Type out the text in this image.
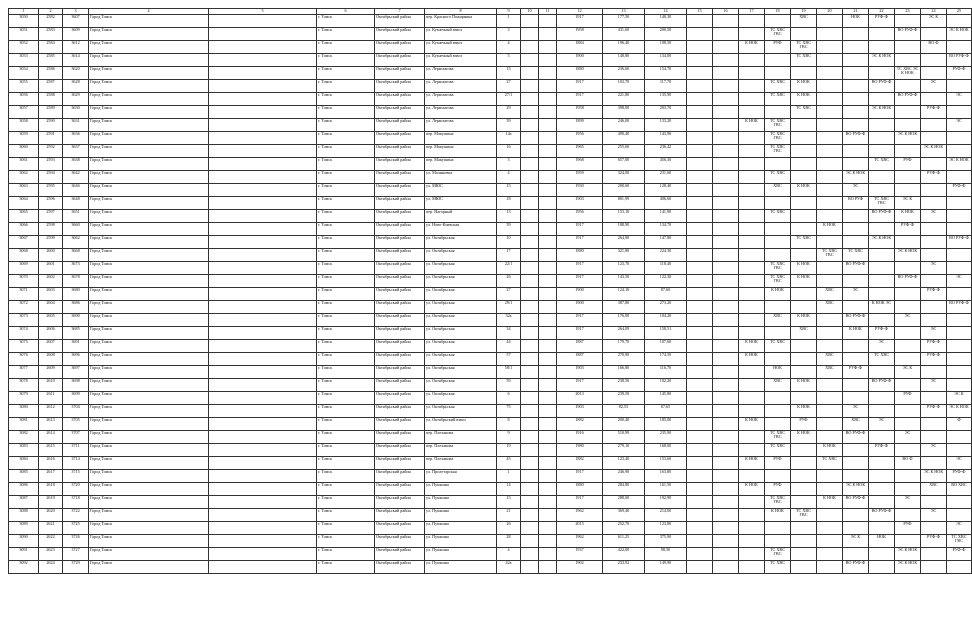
1	2	3	4	5	6	7	8	9	10	11	12	13	14	15	16	17	18	19	20	21	22	23	24	25
3050	2582	3607	Город Томск		г. Томск	Октябрьский район	пер. Красного Пожарника	1			1917	177,50	140,30					ХВС		НОК	РУФ-Ф		ЭС К	
3051	2583	3609	Город Томск		г. Томск	Октябрьский район	ул. Кузнечный взвоз	3			1958	431,60	200,50				ТС ХВС ГВС					ВО РУФ-Ф		ЭС К НОК
3052	2584	3612	Город Томск		г. Томск	Октябрьский район	ул. Кузнечный взвоз	4			1884	196,40	108,50			К НОК	РУФ	ТС ХВС ГВС					ВО Ф	
3053	2585	3614	Город Томск		г. Томск	Октябрьский район	ул. Кузнечный взвоз	5			1900	148,80	134,00					ТС ХВС			ЭС К НОК			ВО РУФ-Ф
3054	2586	3620	Город Томск		г. Томск	Октябрьский район	ул. Лермонтова	15			1880	236,60	154,70									ТС ХВС ЭС К НОК		РУФ-Ф
3055	2587	3628	Город Томск		г. Томск	Октябрьский район	ул. Лермонтова	27			1917	103,70	117,70				ТС ХВС	К НОК			ВО РУФ-Ф		ЭС	
3056	2588	3629	Город Томск		г. Томск	Октябрьский район	ул. Лермонтова	27/1			1917	221,80	135,90				ТС ХВС	К НОК				ВО РУФ-Ф		ЭС
3057	2589	3630	Город Томск		г. Томск	Октябрьский район	ул. Лермонтова	29			1958	398,00	203,70					ТС ХВС			ЭС К НОК		РУФ-Ф	
3058	2590	3631	Город Томск		г. Томск	Октябрьский район	ул. Лермонтова	39			1899	246,00	133,20			К НОК	ТС ХВС ГВС							ЭС
3059	2591	3636	Город Томск		г. Томск	Октябрьский район	пер. Макушина	14а			1956	490,40	143,90				ТС ХВС ГВС			ВО РУФ-Ф		ЭС К НОК		
3060	2592	3637	Город Томск		г. Томск	Октябрьский район	пер. Макушина	16			1965	255,60	236,42				ТС ХВС ГВС						ЭС К НОК	
3061	2593	3638	Город Томск		г. Томск	Октябрьский район	пер. Макушина	3			1968	657,00	456,30								ТС ХВС	РУФ		ЭС К НОК
3062	2594	3642	Город Томск		г. Томск	Октябрьский район	ул. Малиновка	4			1959	324,00	231,60				ТС ХВС			ЭС К НОК			РУФ-Ф	
3063	2595	3646	Город Томск		г. Томск	Октябрьский район	ул. МЮС	15			1930	200,60	128,40				ХВС	К НОК		ЭС				РУФ-Ф
3064	2596	3648	Город Томск		г. Томск	Октябрьский район	ул. МЮС	18			1903	801,99	406,60							ВО РУФ	ТС ХВС ГВС	ЭС К		
3065	2597	3651	Город Томск		г. Томск	Октябрьский район	пер. Нагорный	13			1956	153,10	141,90				ТС ХВС				ВО РУФ-Ф	К НОК	ЭС	
3066	2598	3660	Город Томск		г. Томск	Октябрьский район	ул. Ново-Киевская	39			1917	188,90	134,70						К НОК			РУФ-Ф		
3067	2599	3662	Город Томск		г. Томск	Октябрьский район	ул. Октябрьская	10			1917	264,90	147,80					ТС ХВС			ЭС К НОК			ВО РУФ-Ф
3068	2600	3668	Город Томск		г. Томск	Октябрьский район	ул. Октябрьская	17			1880	321,80	224,30						ТС ХВС ГВС	ТС ХВС		ЭС К НОК		
3069	2601	3673	Город Томск		г. Томск	Октябрьский район	ул. Октябрьская	22/1			1917	123,70	118,40				ТС ХВС ГВС	К НОК		ВО РУФ-Ф			ЭС	
3070	2602	3678	Город Томск		г. Томск	Октябрьский район	ул. Октябрьская	26			1917	143,50	122,30				ТС ХВС ГВС	К НОК				ВО РУФ-Ф		ЭС
3071	2603	3680	Город Томск		г. Томск	Октябрьский район	ул. Октябрьская	27			1900	124,10	87,60				К НОК		ХВС	ЭС			РУФ-Ф	
3072	2604	3686	Город Томск		г. Томск	Октябрьский район	ул. Октябрьская	29/1			1900	387,80	273,20						ХВС		К НОК ЭС			ВО РУФ-Ф
3073	2605	3690	Город Томск		г. Томск	Октябрьский район	ул. Октябрьская	32а			1917	176,00	104,20				ХВС	К НОК		ВО РУФ-Ф		ЭС		
3074	2606	3685	Город Томск		г. Томск	Октябрьский район	ул. Октябрьская	34			1917	264,09	158,51					ХВС		К НОК	РУФ-Ф		ЭС	
3075	2607	3691	Город Томск		г. Томск	Октябрьский район	ул. Октябрьская	44			1887	179,70	107,60			К НОК	ТС ХВС				ЭС		РУФ-Ф	
3076	2608	3696	Город Томск		г. Томск	Октябрьский район	ул. Октябрьская	57			1887	270,90	174,50			К НОК			ХВС		ТС ХВС		РУФ-Ф	
3077	2609	3697	Город Томск		г. Томск	Октябрьский район	ул. Октябрьская	58/1			1903	166,80	116,70				НОК		ХВС	РУФ-Ф		ЭС К		
3078	2610	3698	Город Томск		г. Томск	Октябрьский район	ул. Октябрьская	59			1917	238,56	102,20				ХВС	К НОК			ВО РУФ-Ф		ЭС	
3079	2611	3699	Город Томск		г. Томск	Октябрьский район	ул. Октябрьская	6			2013	239,50	145,80									РУФ		ЭС К
3080	2612	3704	Город Томск		г. Томск	Октябрьский район	ул. Октябрьская	75			1903	82,55	67,65					К НОК		ЭС			РУФ-Ф	ЭС К НОК
3081	2613	3705	Город Томск		г. Томск	Октябрьский район	ул. Октябрьский взвоз	8			1882	200,40	185,00			К НОК		РУФ		ХВС	ЭС			Ф
3082	2614	3707	Город Томск		г. Томск	Октябрьский район	пер. Плеханова	9			1916	510,99	235,90				ТС ХВС ГВС	К НОК		ВО РУФ-Ф		ЭС		
3083	2615	3711	Город Томск		г. Томск	Октябрьский район	пер. Плеханова	19			1980	279,10	168,00				ТС ХВС		К НОК		РУФ-Ф		ЭС	
3084	2616	3714	Город Томск		г. Томск	Октябрьский район	пер. Плеханова	45			1882	123,40	153,60			К НОК	РУФ		ТС ХВС			ВО Ф		ЭС
3085	2617	3715	Город Томск		г. Томск	Октябрьский район	ул. Пролетарская	1			1917	246,90	163,80										ЭС К НОК	РУФ-Ф
3086	2618	3720	Город Томск		г. Томск	Октябрьский район	ул. Пушкина	14			1880	284,80	161,50			К НОК	РУФ			ЭС К НОК			ХВС	ВО ХВС
3087	2619	3718	Город Томск		г. Томск	Октябрьский район	ул. Пушкина	15			1917	288,00	192,90				ТС ХВС ГВС		К НОК	ВО РУФ-Ф		ЭС		
3088	2620	3722	Город Томск		г. Томск	Октябрьский район	ул. Пушкина	21			1962	369,40	214,00				К НОК	ТС ХВС ГВС			ВО РУФ-Ф		ЭС	
3089	2621	3725	Город Томск		г. Томск	Октябрьский район	ул. Пушкина	26			2015	252,70	123,80									РУФ		ЭС
3090	2622	3726	Город Томск		г. Томск	Октябрьский район	ул. Пушкина	28			1962	611,25	375,90							ЭС К	НОК		РУФ-Ф	ТС ХВС ГВС
3091	2623	3727	Город Томск		г. Томск	Октябрьский район	ул. Пушкина	4			1937	422,00	98,30				ТС ХВС ГВС					ЭС К НОК		РУФ-Ф
3092	2624	3729	Город Томск		г. Томск	Октябрьский район	ул. Пушкина	42а			1902	233,92	149,90				ТС ХВС			ВО РУФ-Ф		ЭС К НОК		
